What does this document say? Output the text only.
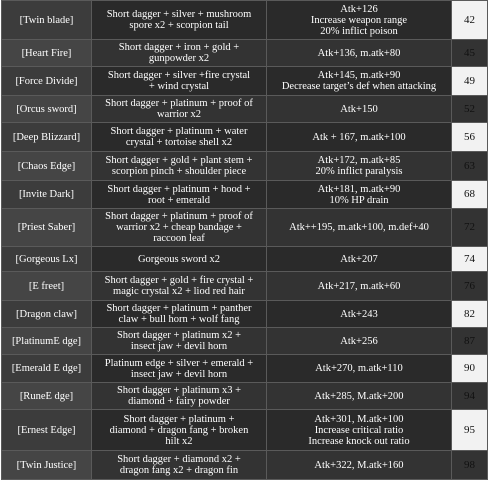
[Twin blade]	Short dagger + silver + mushroom
spore x2 + scorpion tail	Atk+126
Increase weapon range
20% inflict poison	42

[Heart Fire]	Short dagger + iron + gold +
gunpowder x2	Atk+136, m.atk+80	45

[Force Divide]	Short dagger + silver +fire crystal
+ wind crystal	Atk+145, m.atk+90
Decrease target’s def when attacking	49

[Orcus sword]	Short dagger + platinum + proof of
warrior x2	Atk+150	52

[Deep Blizzard]	Short dagger + platinum + water
crystal + tortoise shell x2	Atk + 167, m.atk+100	56

[Chaos Edge]	Short dagger + gold + plant stem +
scorpion pinch + shoulder piece	Atk+172, m.atk+85
20% inflict paralysis	63

[Invite Dark]	Short dagger + platinum + hood +
root + emerald	Atk+181, m.atk+90
10% HP drain	68

[Priest Saber]	Short dagger + platinum + proof of
warrior x2 + cheap bandage +
raccoon leaf	Atk++195, m.atk+100, m.def+40	72

[Gorgeous Lx]	Gorgeous sword x2	Atk+207	74

[E freet]	Short dagger + gold + fire crystal +
magic crystal x2 + liod red hair	Atk+217, m.atk+60	76

[Dragon claw]	Short dagger + platinum + panther
claw + bull horn + wolf fang	Atk+243	82

[PlatinumE dge]	Short dagger + platinum x2 +
insect jaw + devil horn	Atk+256	87

[Emerald E dge]	Platinum edge + silver + emerald +
insect jaw + devil horn	Atk+270, m.atk+110	90

[RuneE dge]	Short dagger + platinum x3 +
diamond + fairy powder	Atk+285, M.atk+200	94

[Ernest Edge]	Short dagger + platinum +
diamond + dragon fang + broken
hilt x2	Atk+301, M.atk+100
Increase critical ratio
Increase knock out ratio	95

[Twin Justice]	Short dagger + diamond x2 +
dragon fang x2 + dragon fin	Atk+322, M.atk+160	98
